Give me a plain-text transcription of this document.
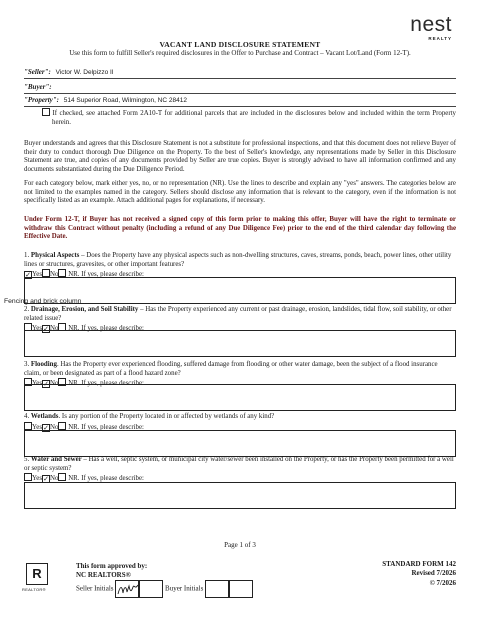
nest
REALTY
VACANT LAND DISCLOSURE STATEMENT
Use this form to fulfill Seller's required disclosures in the Offer to Purchase and Contract – Vacant Lot/Land (Form 12-T).
"Seller": Victor W. Delpizzo II
"Buyer":
"Property": 514 Superior Road, Wilmington, NC 28412
If checked, see attached Form 2A10-T for additional parcels that are included in the disclosures below and included within the term Property herein.
Buyer understands and agrees that this Disclosure Statement is not a substitute for professional inspections, and that this document does not relieve Buyer of their duty to conduct thorough Due Diligence on the Property. To the best of Seller's knowledge, any representations made by Seller in this Disclosure Statement are true, and copies of any documents provided by Seller are true copies. Buyer is strongly advised to have all information confirmed and any documents substantiated during the Due Diligence Period.
For each category below, mark either yes, no, or no representation (NR). Use the lines to describe and explain any "yes" answers. The categories below are not limited to the examples named in the category. Sellers should disclose any information that is relevant to the category, even if the information is not specifically listed as an example. Attach additional pages for explanations, if necessary.
Under Form 12-T, if Buyer has not received a signed copy of this form prior to making this offer, Buyer will have the right to terminate or withdraw this Contract without penalty (including a refund of any Due Diligence Fee) prior to the end of the third calendar day following the Effective Date.
1. Physical Aspects – Does the Property have any physical aspects such as non-dwelling structures, caves, streams, ponds, beach, power lines, other utility lines or structures, gravesites, or other important features?
✓Yes No NR. If yes, please describe:
Fencing and brick column
2. Drainage, Erosion, and Soil Stability – Has the Property experienced any current or past drainage, erosion, landslides, tidal flow, soil stability, or other related issue?
Yes✓No NR. If yes, please describe:
3. Flooding. Has the Property ever experienced flooding, suffered damage from flooding or other water damage, been the subject of a flood insurance claim, or been designated as part of a flood hazard zone?
Yes✓No NR. If yes, please describe:
4. Wetlands. Is any portion of the Property located in or affected by wetlands of any kind?
Yes✓No NR. If yes, please describe:
5. Water and Sewer – Has a well, septic system, or municipal city water/sewer been installed on the Property, or has the Property been permitted for a well or septic system?
Yes✓No NR. If yes, please describe:
Page 1 of 3
R
REALTOR®
This form approved by:
NC REALTORS®
Seller Initials	Buyer Initials
STANDARD FORM 142
Revised 7/2026
© 7/2026
